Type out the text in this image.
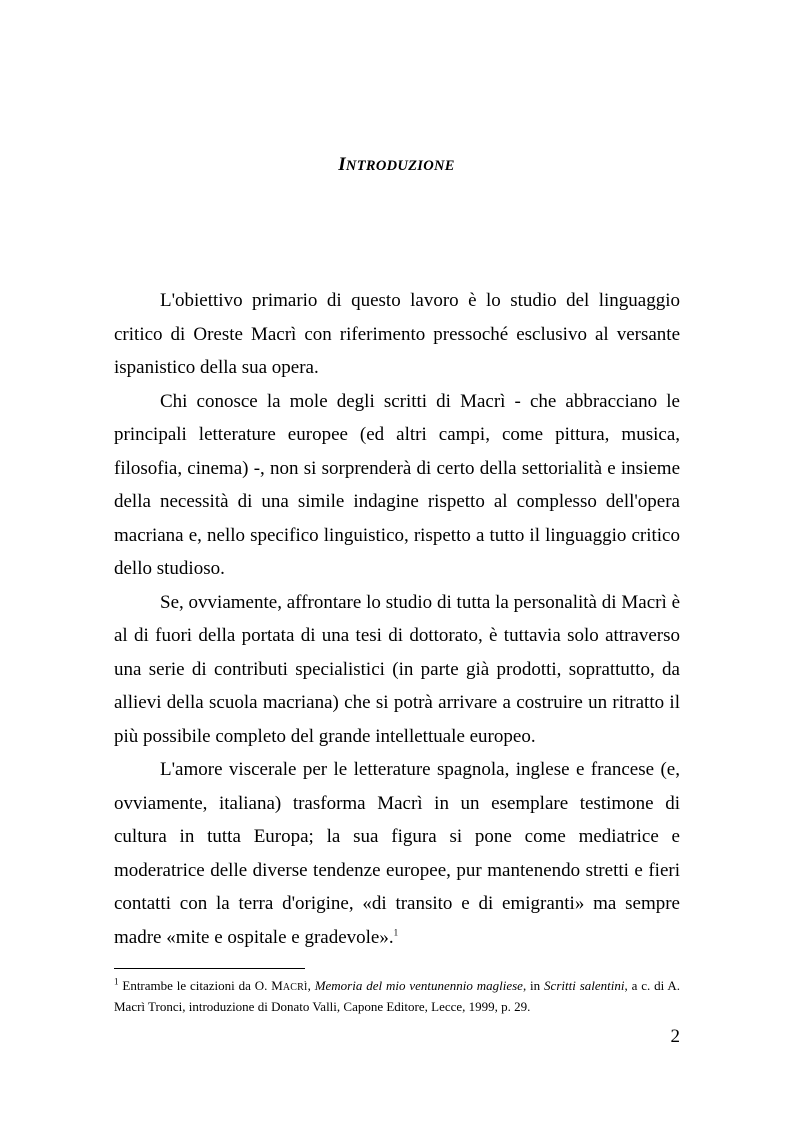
INTRODUZIONE

L'obiettivo primario di questo lavoro è lo studio del linguaggio critico di Oreste Macrì con riferimento pressoché esclusivo al versante ispanistico della sua opera.

Chi conosce la mole degli scritti di Macrì - che abbracciano le principali letterature europee (ed altri campi, come pittura, musica, filosofia, cinema) -, non si sorprenderà di certo della settorialità e insieme della necessità di una simile indagine rispetto al complesso dell'opera macriana e, nello specifico linguistico, rispetto a tutto il linguaggio critico dello studioso.

Se, ovviamente, affrontare lo studio di tutta la personalità di Macrì è al di fuori della portata di una tesi di dottorato, è tuttavia solo attraverso una serie di contributi specialistici (in parte già prodotti, soprattutto, da allievi della scuola macriana) che si potrà arrivare a costruire un ritratto il più possibile completo del grande intellettuale europeo.

L'amore viscerale per le letterature spagnola, inglese e francese (e, ovviamente, italiana) trasforma Macrì in un esemplare testimone di cultura in tutta Europa; la sua figura si pone come mediatrice e moderatrice delle diverse tendenze europee, pur mantenendo stretti e fieri contatti con la terra d'origine, «di transito e di emigranti» ma sempre madre «mite e ospitale e gradevole».$^1$

$^1$ Entrambe le citazioni da O. MACRÌ, Memoria del mio ventunennio magliese, in Scritti salentini, a c. di A. Macrì Tronci, introduzione di Donato Valli, Capone Editore, Lecce, 1999, p. 29.

2
